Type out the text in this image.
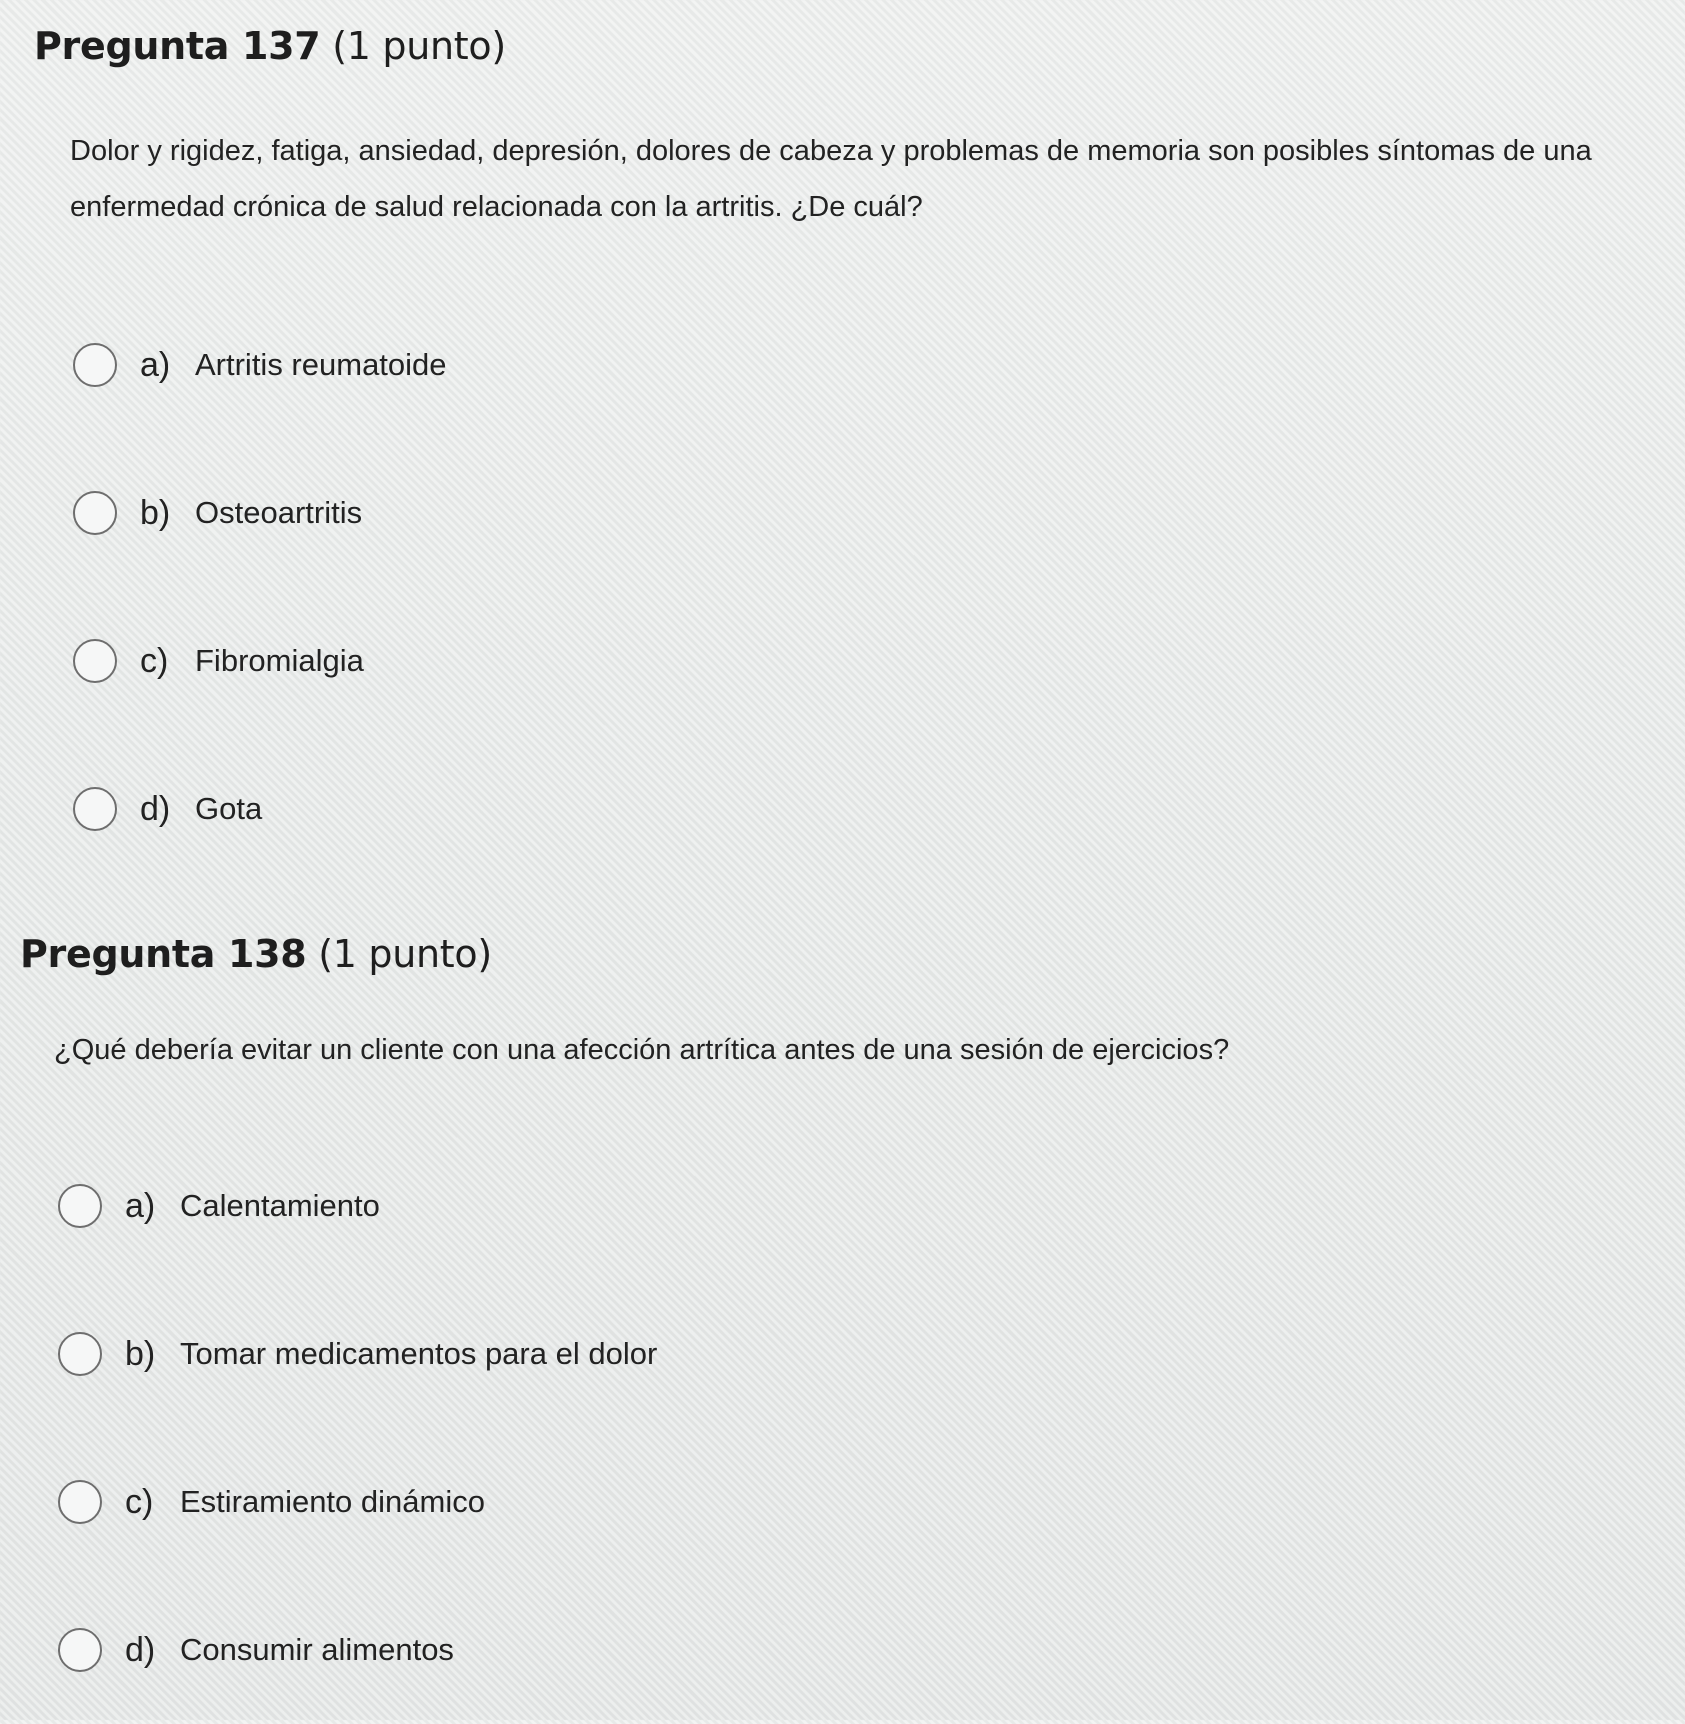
Pregunta 137 (1 punto)

Dolor y rigidez, fatiga, ansiedad, depresión, dolores de cabeza y problemas de memoria son posibles síntomas de una enfermedad crónica de salud relacionada con la artritis. ¿De cuál?

a) Artritis reumatoide
b) Osteoartritis
c) Fibromialgia
d) Gota
Pregunta 138 (1 punto)

¿Qué debería evitar un cliente con una afección artrítica antes de una sesión de ejercicios?

a) Calentamiento
b) Tomar medicamentos para el dolor
c) Estiramiento dinámico
d) Consumir alimentos
